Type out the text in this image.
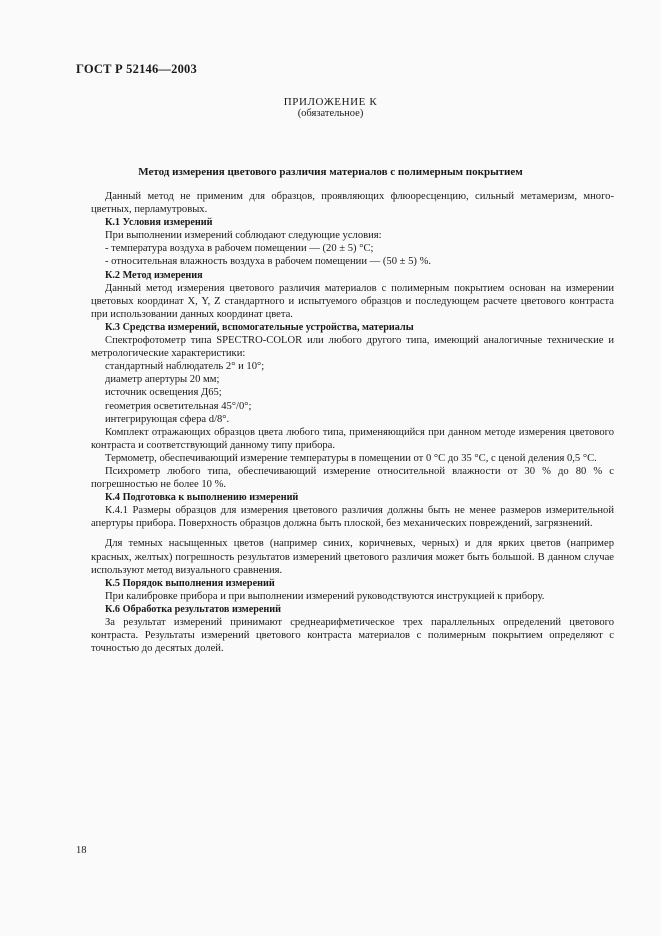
ГОСТ Р 52146—2003
ПРИЛОЖЕНИЕ К
(обязательное)
Метод измерения цветового различия материалов с полимерным покрытием

Данный метод не применим для образцов, проявляющих флюоресценцию, сильный метамеризм, много-цветных, перламутровых.

К.1 Условия измерений

При выполнении измерений соблюдают следующие условия:

- температура воздуха в рабочем помещении — (20 ± 5) °С;

- относительная влажность воздуха в рабочем помещении — (50 ± 5) %.

К.2 Метод измерения

Данный метод измерения цветового различия материалов с полимерным покрытием основан на измерении цветовых координат X, Y, Z стандартного и испытуемого образцов и последующем расчете цветового контраста при использовании данных координат цвета.

К.3 Средства измерений, вспомогательные устройства, материалы

Спектрофотометр типа SPECTRO-COLOR или любого другого типа, имеющий аналогичные технические и метрологические характеристики:

стандартный наблюдатель 2° и 10°;

диаметр апертуры 20 мм;

источник освещения Д65;

геометрия осветительная 45°/0°;

интегрирующая сфера d/8°.

Комплект отражающих образцов цвета любого типа, применяющийся при данном методе измерения цветового контраста и соответствующий данному типу прибора.

Термометр, обеспечивающий измерение температуры в помещении от 0 °С до 35 °С, с ценой деления 0,5 °С.

Психрометр любого типа, обеспечивающий измерение относительной влажности от 30 % до 80 % с погрешностью не более 10 %.

К.4 Подготовка к выполнению измерений

К.4.1 Размеры образцов для измерения цветового различия должны быть не менее размеров измерительной апертуры прибора. Поверхность образцов должна быть плоской, без механических повреждений, загрязнений.

Для темных насыщенных цветов (например синих, коричневых, черных) и для ярких цветов (например красных, желтых) погрешность результатов измерений цветового различия может быть большой. В данном случае используют метод визуального сравнения.

К.5 Порядок выполнения измерений

При калибровке прибора и при выполнении измерений руководствуются инструкцией к прибору.

К.6 Обработка результатов измерений

За результат измерений принимают среднеарифметическое трех параллельных определений цветового контраста. Результаты измерений цветового контраста материалов с полимерным покрытием определяют с точностью до десятых долей.

18
